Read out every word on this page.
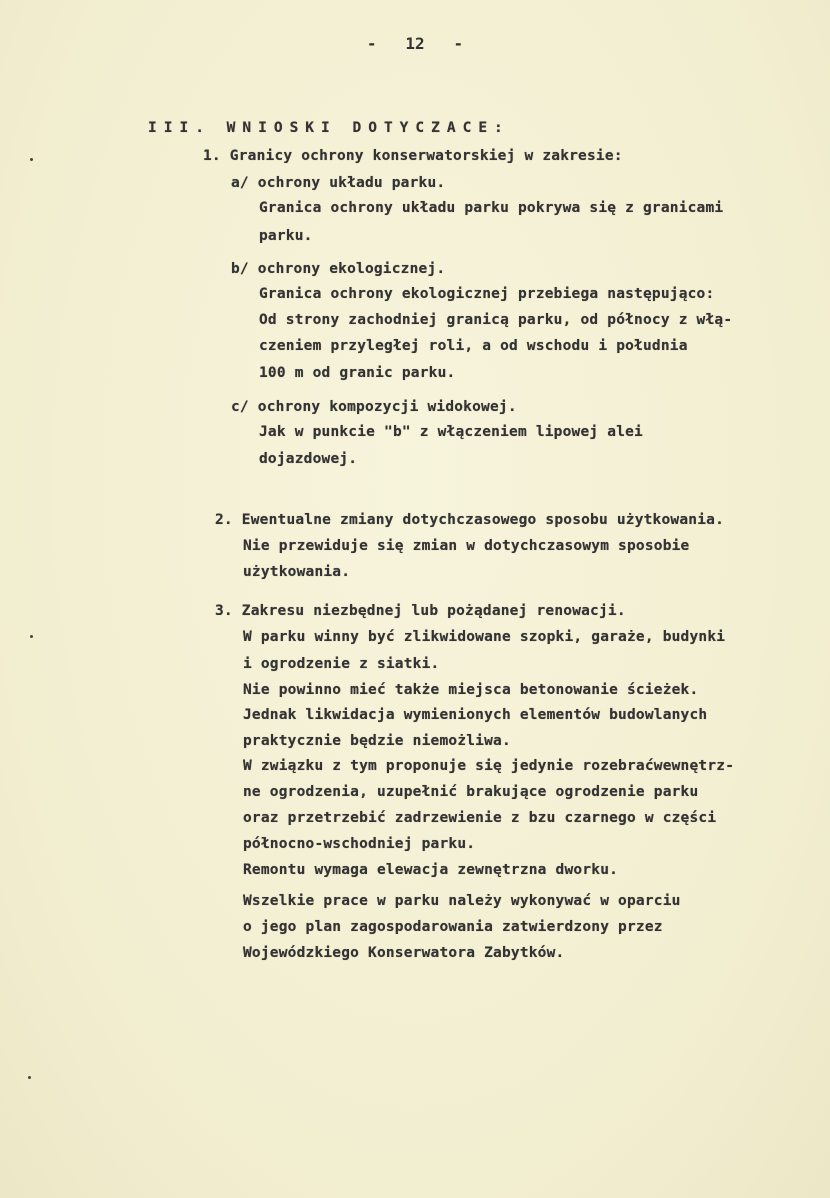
-   12   -
III. WNIOSKI DOTYCZACE:
1. Granicy ochrony konserwatorskiej w zakresie:
a/ ochrony układu parku.
Granica ochrony układu parku pokrywa się z granicami
parku.
b/ ochrony ekologicznej.
Granica ochrony ekologicznej przebiega następująco:
Od strony zachodniej granicą parku, od północy z włą-
czeniem przyległej roli, a od wschodu i południa
100 m od granic parku.
c/ ochrony kompozycji widokowej.
Jak w punkcie "b" z włączeniem lipowej alei
dojazdowej.
2. Ewentualne zmiany dotychczasowego sposobu użytkowania.
Nie przewiduje się zmian w dotychczasowym sposobie
użytkowania.
3. Zakresu niezbędnej lub pożądanej renowacji.
W parku winny być zlikwidowane szopki, garaże, budynki
i ogrodzenie z siatki.
Nie powinno mieć także miejsca betonowanie ścieżek.
Jednak likwidacja wymienionych elementów budowlanych
praktycznie będzie niemożliwa.
W związku z tym proponuje się jedynie rozebraćwewnętrz-
ne ogrodzenia, uzupełnić brakujące ogrodzenie parku
oraz przetrzebić zadrzewienie z bzu czarnego w części
północno-wschodniej parku.
Remontu wymaga elewacja zewnętrzna dworku.
Wszelkie prace w parku należy wykonywać w oparciu
o jego plan zagospodarowania zatwierdzony przez
Wojewódzkiego Konserwatora Zabytków.
